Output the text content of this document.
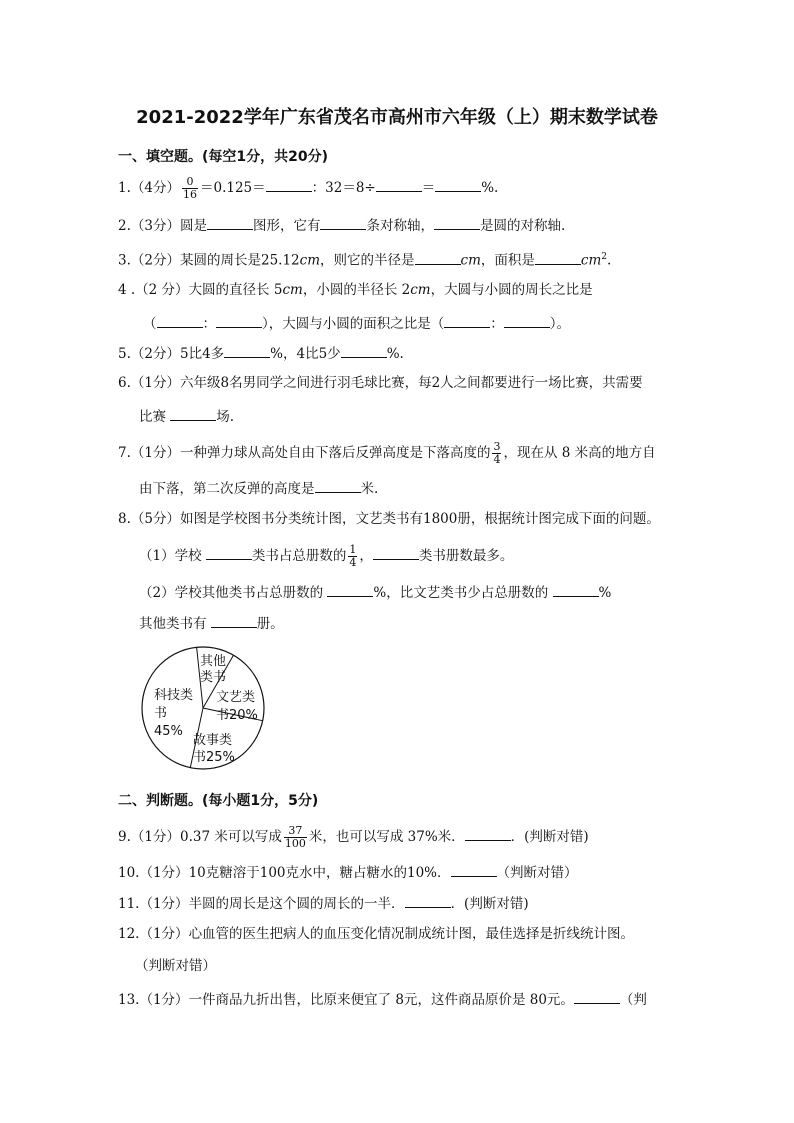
2021-2022学年广东省茂名市高州市六年级（上）期末数学试卷
一、填空题。(每空1分，共20分)
1.（4分） $\frac{0}{16} =0.125=$	：32＝8÷	＝	%.
2.（3分）圆是	图形，它有	条对称轴，	是圆的对称轴.
3.（2分）某圆的周长是25.12cm，则它的半径是	cm，面积是	$cm^2$.
4 .（2 分）大圆的直径长 5cm，小圆的半径长 2cm，大圆与小圆的周长之比是
（	：	），大圆与小圆的面积之比是（	：	）。
5.（2分）5比4多	%，4比5少	%.
6.（1分）六年级8名男同学之间进行羽毛球比赛，每2人之间都要进行一场比赛，共需要
比赛	场.
7.（1分）一种弹力球从高处自由下落后反弹高度是下落高度的 $\frac{3}{4}$ ，现在从 8 米高的地方自
由下落，第二次反弹的高度是	米.
8.（5分）如图是学校图书分类统计图，文艺类书有1800册，根据统计图完成下面的问题。
（1）学校	类书占总册数的 $\frac{1}{4}$ ，	类书册数最多。
（2）学校其他类书占总册数的	%，比文艺类书少占总册数的	%
其他类书有	册。
其他
类书
科技类
书
45%
文艺类
书20%
故事类
书25%
二、判断题。(每小题1分，5分)
9.（1分）0.37 米可以写成 $\frac{37}{100}$ 米，也可以写成 37%米．	．(判断对错)
10.（1分）10克糖溶于100克水中，糖占糖水的10%．	（判断对错）
11.（1分）半圆的周长是这个圆的周长的一半．	．(判断对错)
12.（1分）心血管的医生把病人的血压变化情况制成统计图，最佳选择是折线统计图。
（判断对错）
13.（1分）一件商品九折出售，比原来便宜了 8元，这件商品原价是 80元。	（判
